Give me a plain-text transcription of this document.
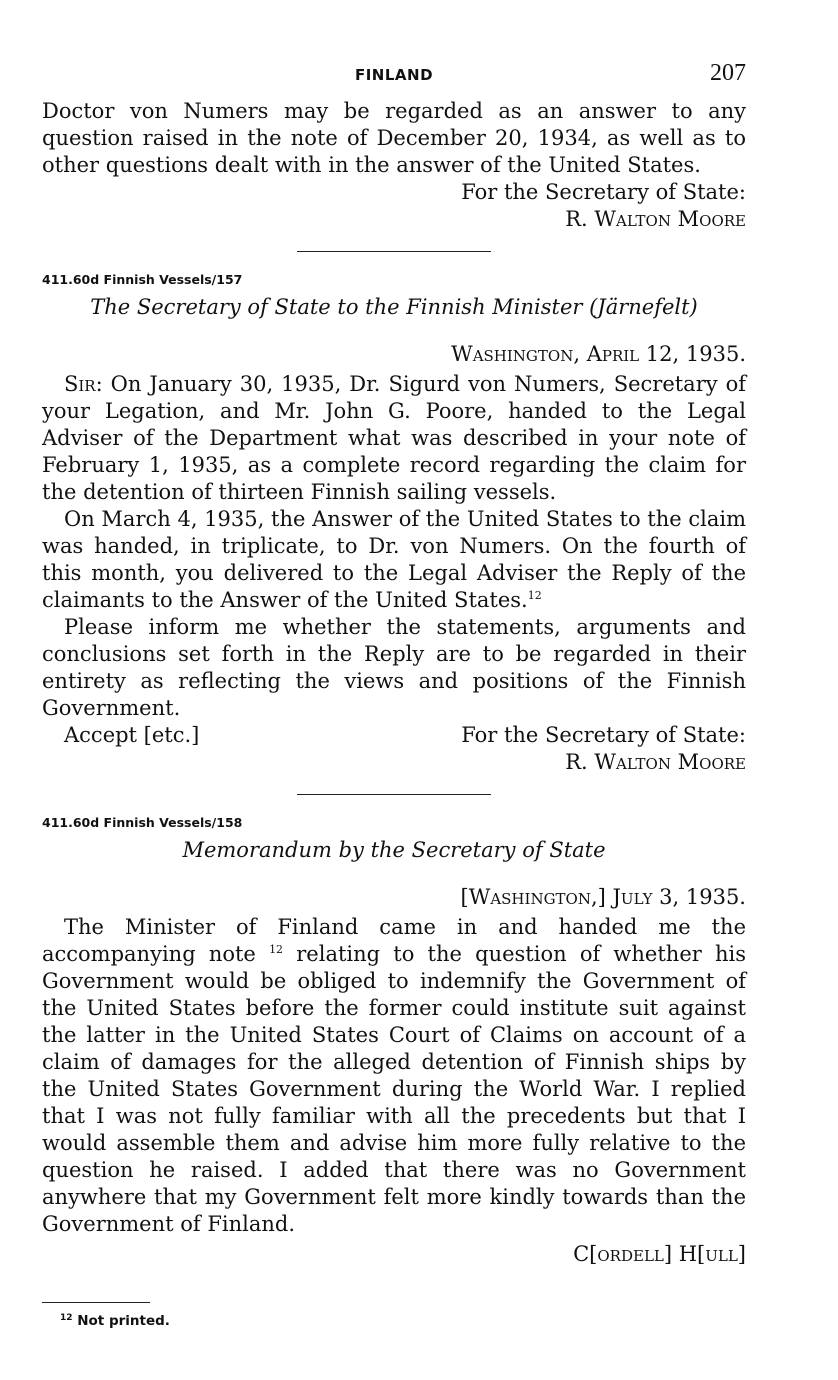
FINLAND	207

Doctor von Numers may be regarded as an answer to any question raised in the note of December 20, 1934, as well as to other questions dealt with in the answer of the United States.

For the Secretary of State:

R. Walton Moore

411.60d Finnish Vessels/157
The Secretary of State to the Finnish Minister (Järnefelt)
Washington, April 12, 1935.

Sir: On January 30, 1935, Dr. Sigurd von Numers, Secretary of your Legation, and Mr. John G. Poore, handed to the Legal Adviser of the Department what was described in your note of February 1, 1935, as a complete record regarding the claim for the detention of thirteen Finnish sailing vessels.

On March 4, 1935, the Answer of the United States to the claim was handed, in triplicate, to Dr. von Numers. On the fourth of this month, you delivered to the Legal Adviser the Reply of the claimants to the Answer of the United States.$^{12}$

Please inform me whether the statements, arguments and conclusions set forth in the Reply are to be regarded in their entirety as reflecting the views and positions of the Finnish Government.

Accept [etc.]	For the Secretary of State:

R. Walton Moore

411.60d Finnish Vessels/158
Memorandum by the Secretary of State
[Washington,] July 3, 1935.

The Minister of Finland came in and handed me the accompanying note $^{12}$ relating to the question of whether his Government would be obliged to indemnify the Government of the United States before the former could institute suit against the latter in the United States Court of Claims on account of a claim of damages for the alleged detention of Finnish ships by the United States Government during the World War. I replied that I was not fully familiar with all the precedents but that I would assemble them and advise him more fully relative to the question he raised. I added that there was no Government anywhere that my Government felt more kindly towards than the Government of Finland.

C[ordell] H[ull]

$^{12}$ Not printed.
